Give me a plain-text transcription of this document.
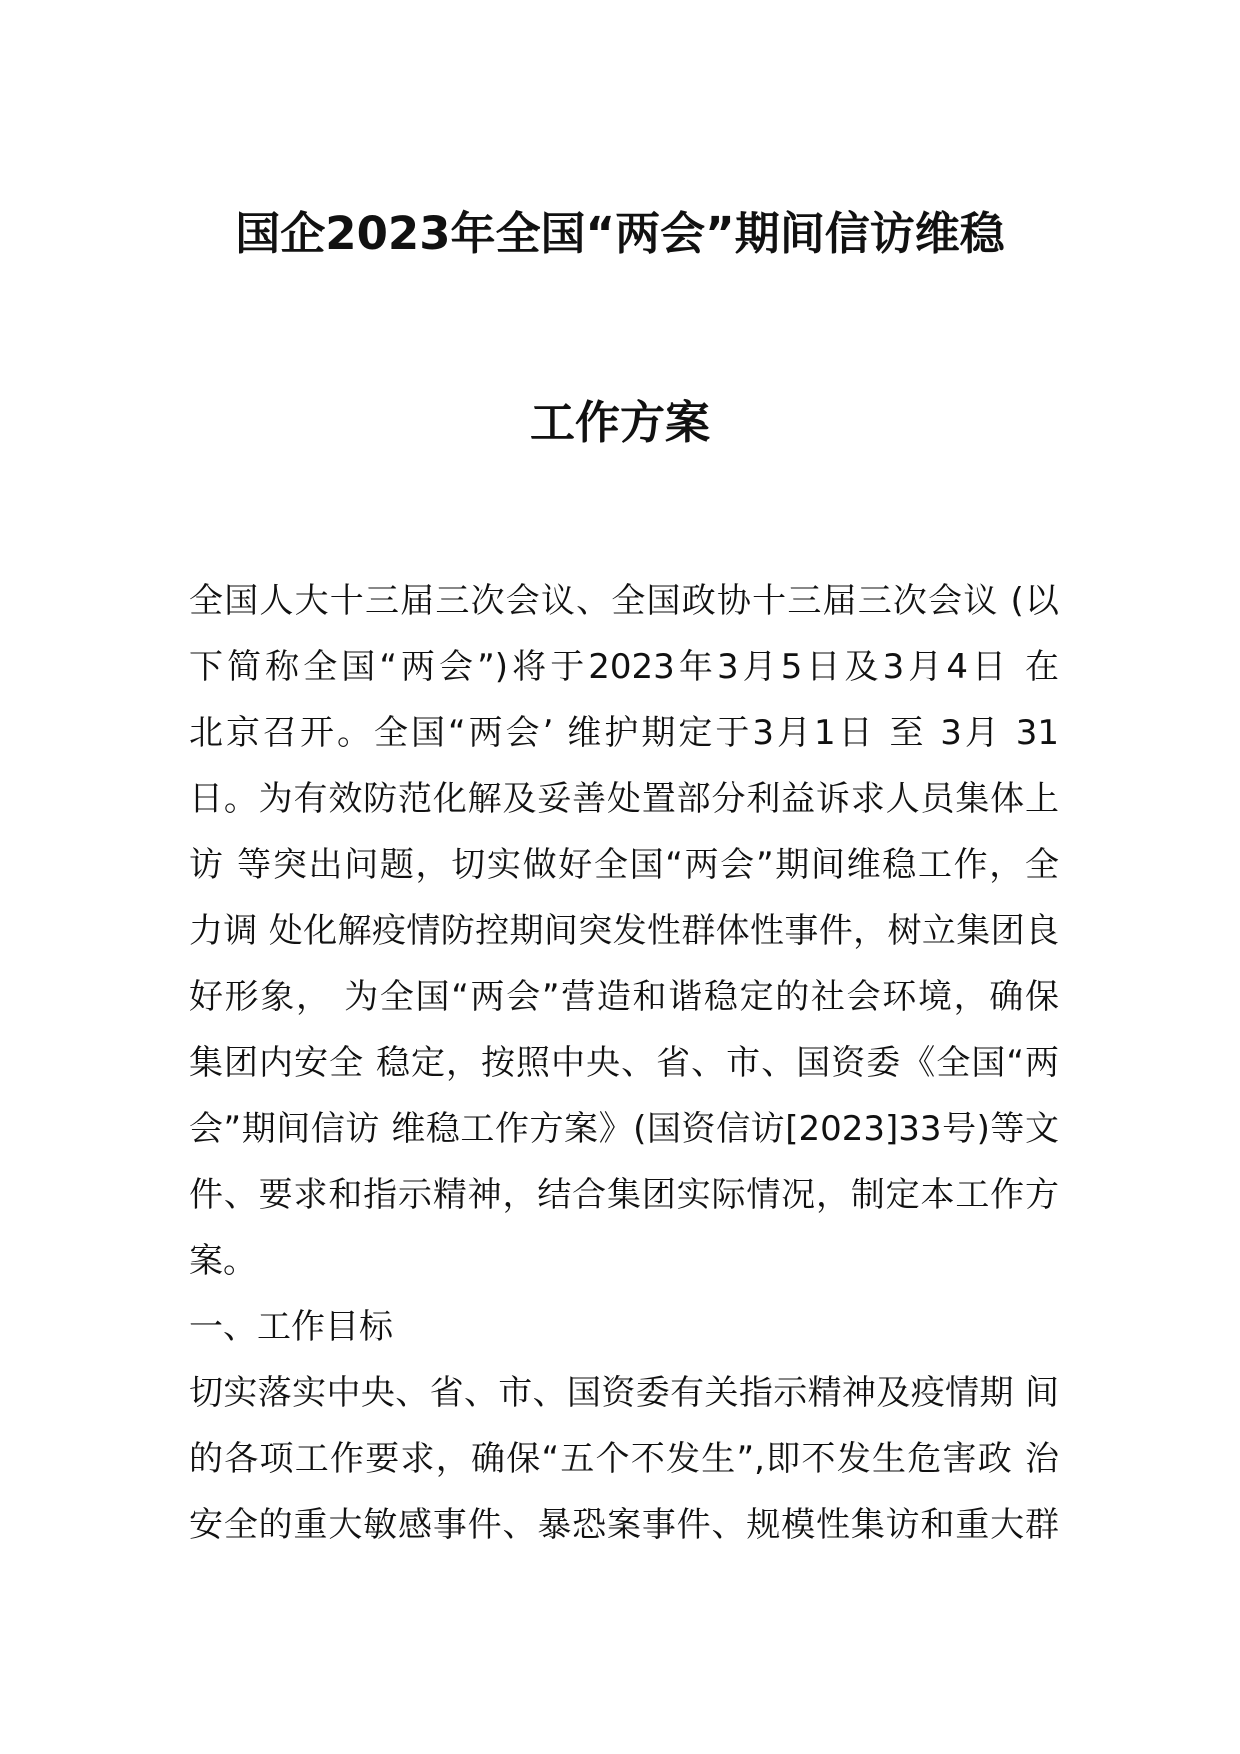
国企2023年全国“两会”期间信访维稳
工作方案
全国人大十三届三次会议、全国政协十三届三次会议 (以
下简称全国“两会”)将于2023年3月5日及3月4日 在
北京召开。全国“两会’ 维护期定于3月1日 至 3月 31
日。为有效防范化解及妥善处置部分利益诉求人员集体上
访 等突出问题，切实做好全国“两会”期间维稳工作，全
力调 处化解疫情防控期间突发性群体性事件，树立集团良
好形象， 为全国“两会”营造和谐稳定的社会环境，确保
集团内安全 稳定，按照中央、省、市、国资委《全国“两
会”期间信访 维稳工作方案》(国资信访[2023]33号)等文
件、要求和指示精神，结合集团实际情况，制定本工作方
案。
一、工作目标
切实落实中央、省、市、国资委有关指示精神及疫情期 间
的各项工作要求，确保“五个不发生”,即不发生危害政 治
安全的重大敏感事件、暴恐案事件、规模性集访和重大群
